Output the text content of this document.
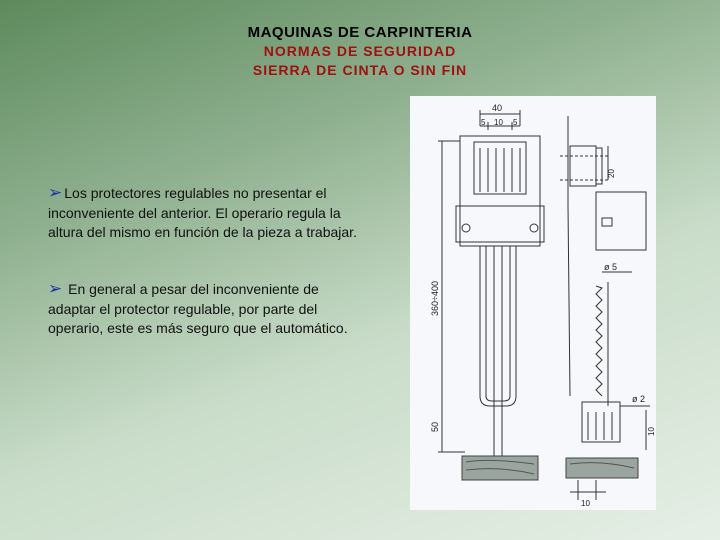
MAQUINAS DE CARPINTERIA
NORMAS DE SEGURIDAD
SIERRA DE CINTA O SIN FIN
➢ Los protectores regulables no presentar el inconveniente del anterior. El operario regula la altura del mismo en función de la pieza a trabajar.
➢ En general a pesar del inconveniente de adaptar el protector regulable, por parte del operario, este es más seguro que el automático.
40
5 10 5
360÷400
50
20
ø 5
ø 2
10
10
